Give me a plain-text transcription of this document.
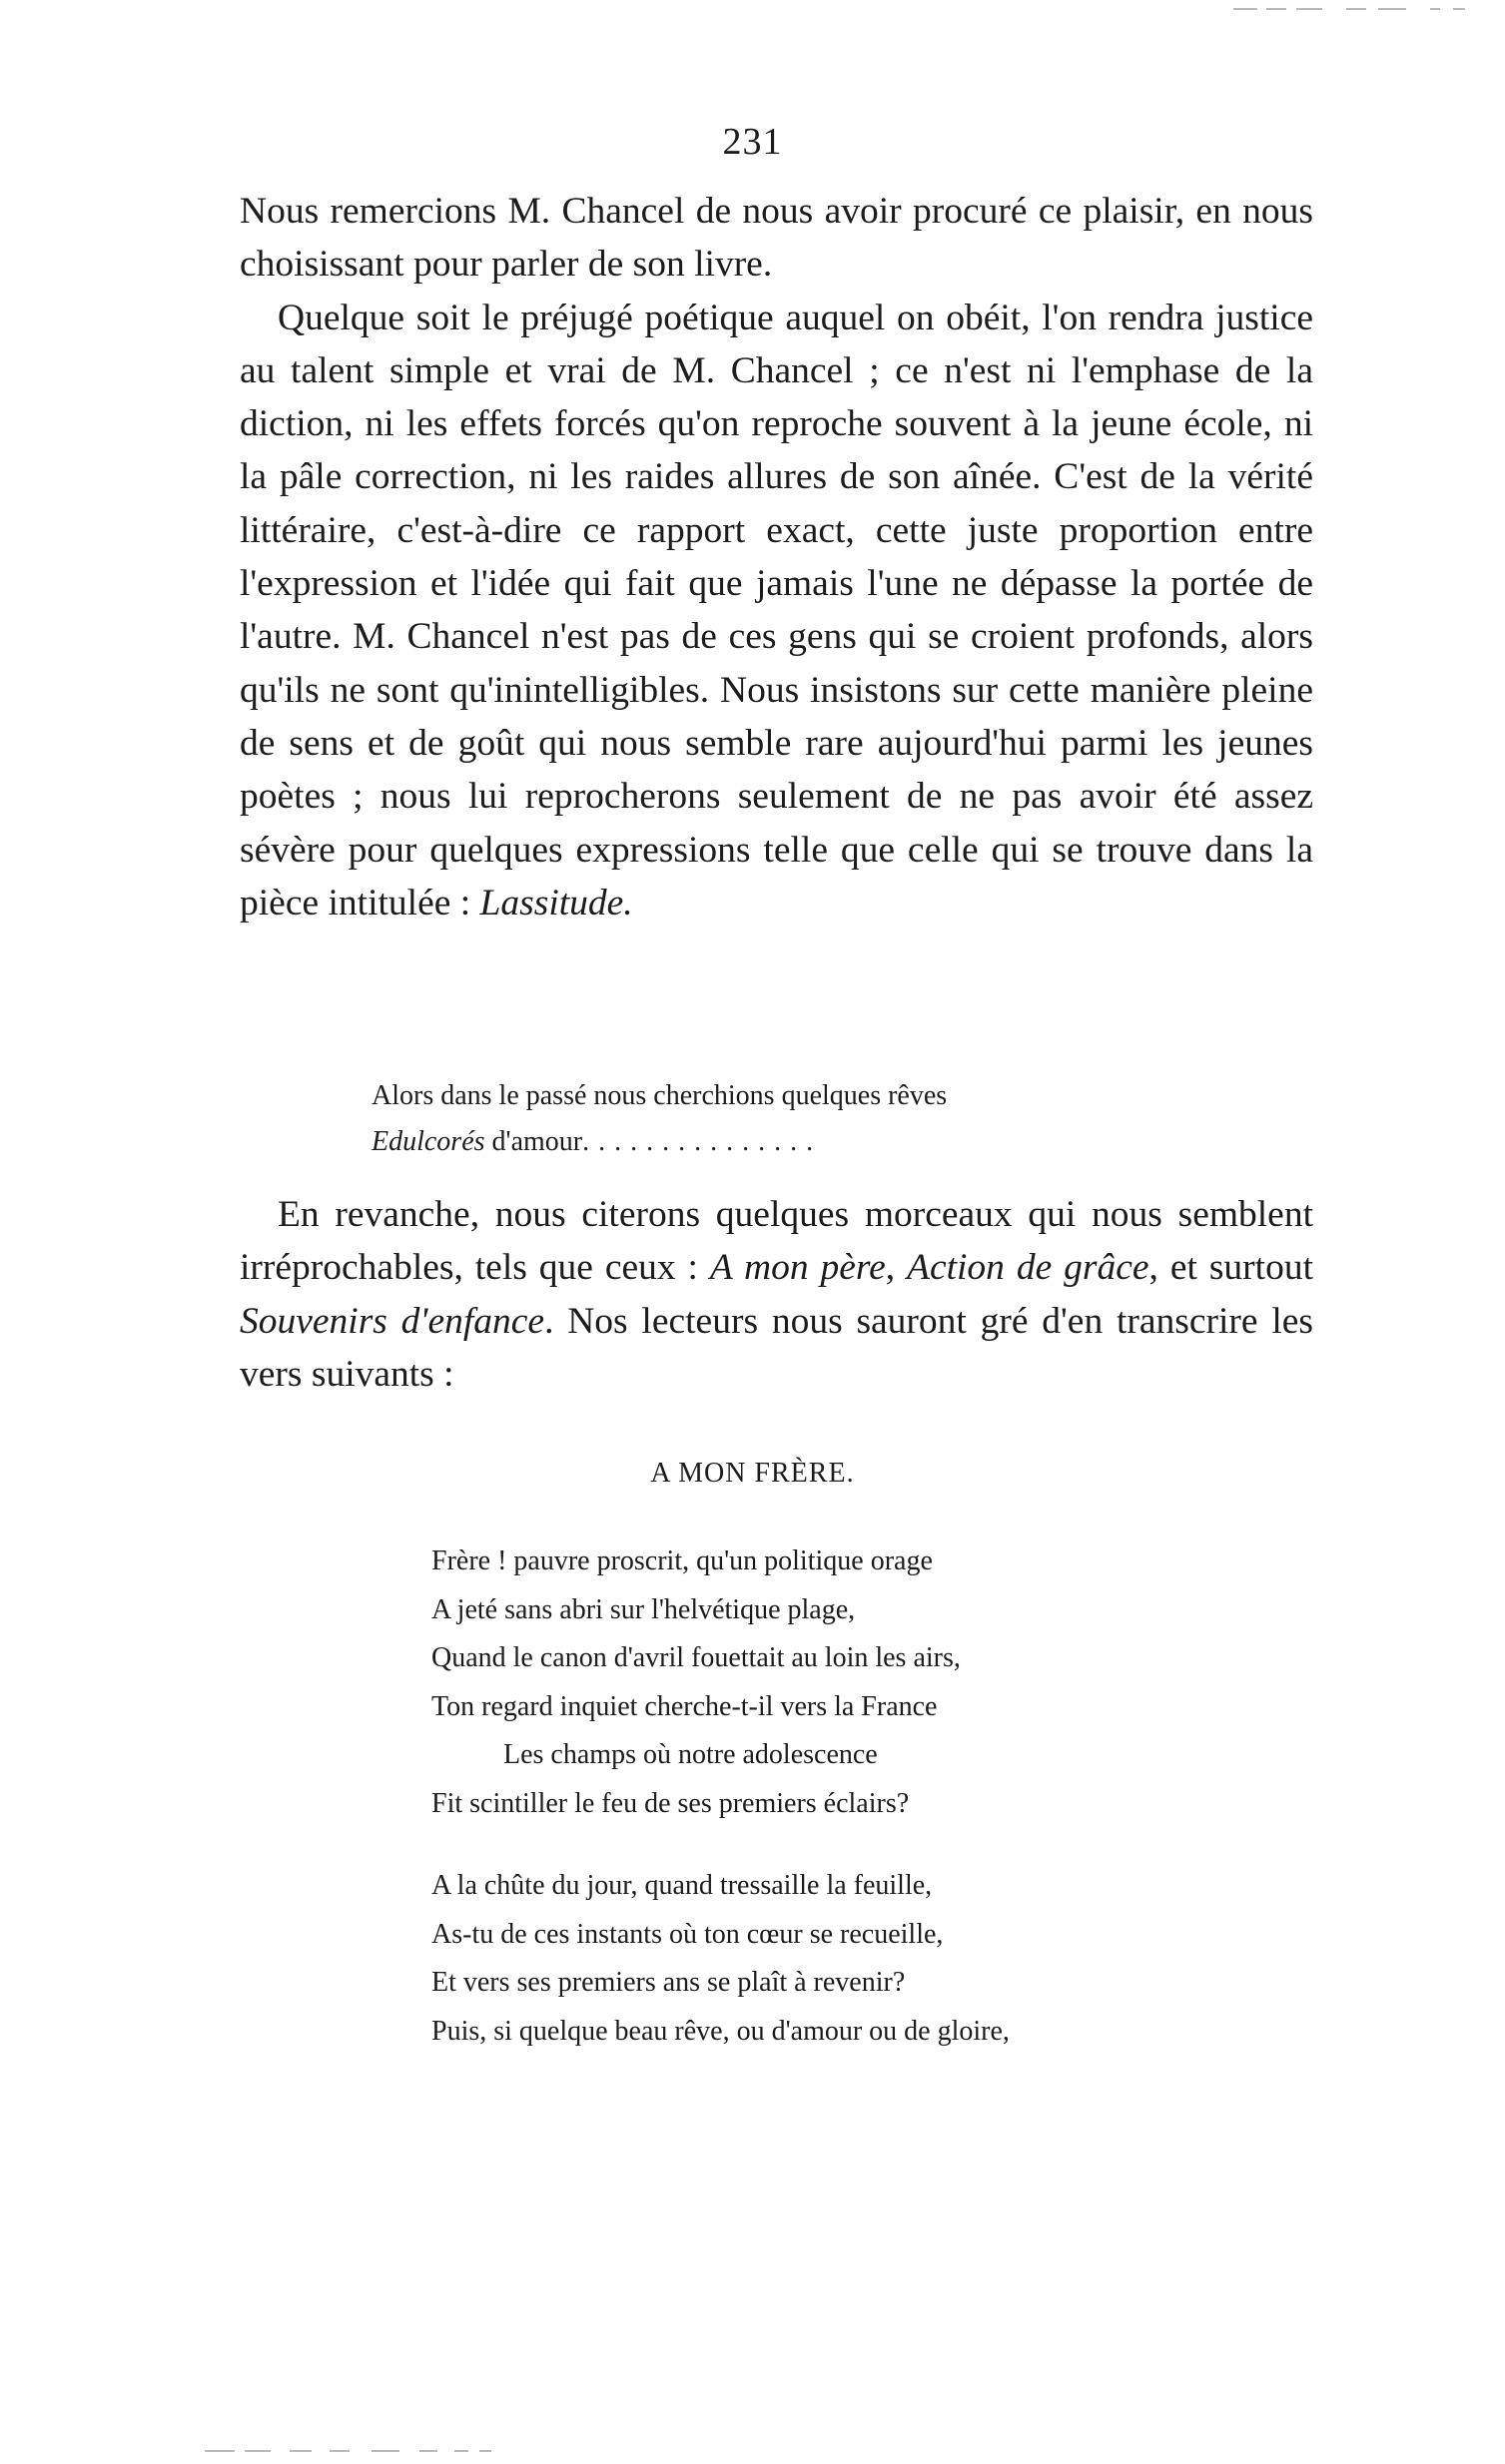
231

Nous remercions M. Chancel de nous avoir procuré ce plaisir, en nous choisissant pour parler de son livre.

Quelque soit le préjugé poétique auquel on obéit, l'on rendra justice au talent simple et vrai de M. Chancel ; ce n'est ni l'emphase de la diction, ni les effets forcés qu'on reproche souvent à la jeune école, ni la pâle correction, ni les raides allures de son aînée. C'est de la vérité littéraire, c'est-à-dire ce rapport exact, cette juste proportion entre l'expression et l'idée qui fait que jamais l'une ne dépasse la portée de l'autre. M. Chancel n'est pas de ces gens qui se croient profonds, alors qu'ils ne sont qu'inintelligibles. Nous insistons sur cette manière pleine de sens et de goût qui nous semble rare aujourd'hui parmi les jeunes poètes ; nous lui reprocherons seulement de ne pas avoir été assez sévère pour quelques expressions telle que celle qui se trouve dans la pièce intitulée : Lassitude.

Alors dans le passé nous cherchions quelques rêves
Edulcorés d'amour...............

En revanche, nous citerons quelques morceaux qui nous semblent irréprochables, tels que ceux : A mon père, Action de grâce, et surtout Souvenirs d'enfance. Nos lecteurs nous sauront gré d'en transcrire les vers suivants :

A MON FRÈRE.
Frère ! pauvre proscrit, qu'un politique orage
A jeté sans abri sur l'helvétique plage,
Quand le canon d'avril fouettait au loin les airs,
Ton regard inquiet cherche-t-il vers la France
Les champs où notre adolescence
Fit scintiller le feu de ses premiers éclairs?
A la chûte du jour, quand tressaille la feuille,
As-tu de ces instants où ton cœur se recueille,
Et vers ses premiers ans se plaît à revenir?
Puis, si quelque beau rêve, ou d'amour ou de gloire,
